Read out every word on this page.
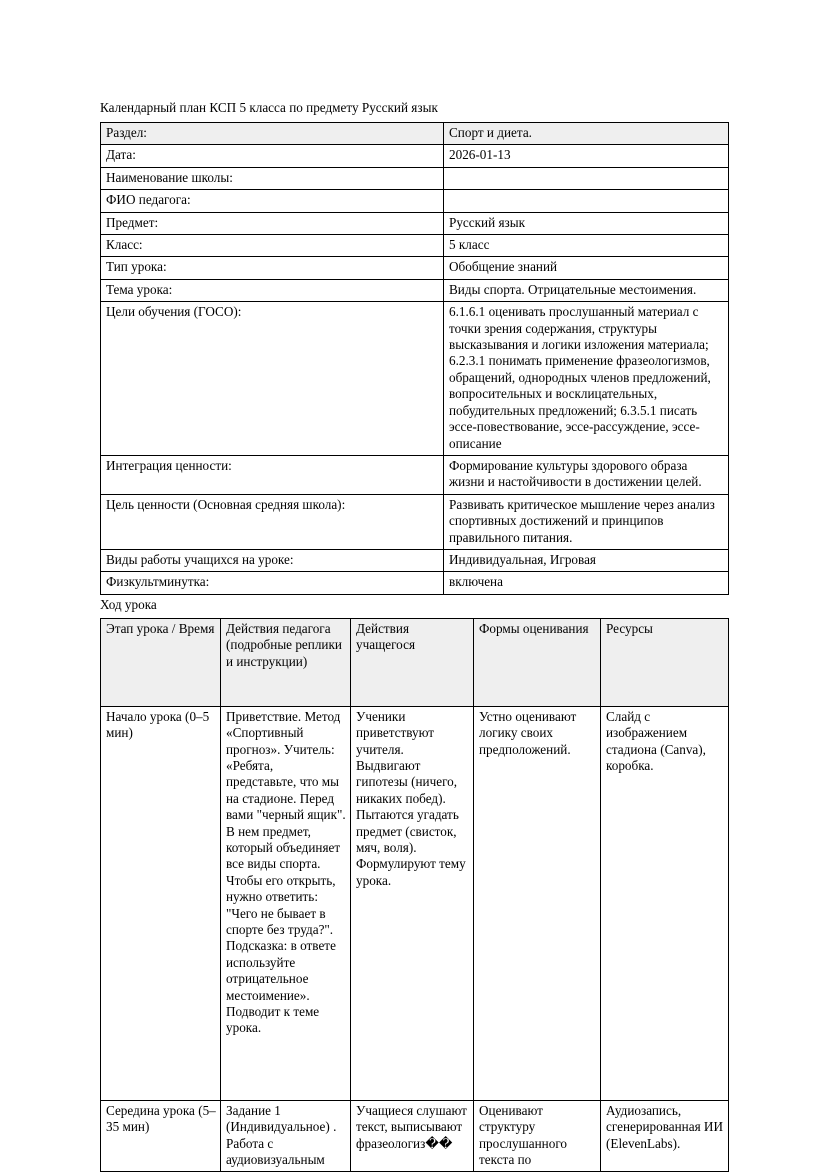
Календарный план КСП 5 класса по предмету Русский язык

Раздел:	Спорт и диета.
Дата:	2026-01-13
Наименование школы:	
ФИО педагога:	
Предмет:	Русский язык
Класс:	5 класс
Тип урока:	Обобщение знаний
Тема урока:	Виды спорта. Отрицательные местоимения.
Цели обучения (ГОСО):	6.1.6.1 оценивать прослушанный материал с точки зрения содержания, структуры высказывания и логики изложения материала; 6.2.3.1 понимать применение фразеологизмов, обращений, однородных членов предложений, вопросительных и восклицательных, побудительных предложений; 6.3.5.1 писать эссе-повествование, эссе-рассуждение, эссе-описание
Интеграция ценности:	Формирование культуры здорового образа жизни и настойчивости в достижении целей.
Цель ценности (Основная средняя школа):	Развивать критическое мышление через анализ спортивных достижений и принципов правильного питания.
Виды работы учащихся на уроке:	Индивидуальная, Игровая
Физкультминутка:	включена

Ход урока

Этап урока / Время	Действия педагога (подробные реплики и инструкции)	Действия учащегося	Формы оценивания	Ресурсы
Начало урока (0–5 мин)	Приветствие. Метод «Спортивный прогноз». Учитель: «Ребята, представьте, что мы на стадионе. Перед вами "черный ящик". В нем предмет, который объединяет все виды спорта. Чтобы его открыть, нужно ответить: "Чего не бывает в спорте без труда?". Подсказка: в ответе используйте отрицательное местоимение». Подводит к теме урока.	Ученики приветствуют учителя. Выдвигают гипотезы (ничего, никаких побед). Пытаются угадать предмет (свисток, мяч, воля). Формулируют тему урока.	Устно оценивают логику своих предположений.	Слайд с изображением стадиона (Canva), коробка.
Середина урока (5–35 мин)	Задание 1 (Индивидуальное) . Работа с аудиовизуальным	Учащиеся слушают текст, выписывают фразеологиз��	Оценивают структуру прослушанного текста по	Аудиозапись, сгенерированная ИИ (ElevenLabs).
